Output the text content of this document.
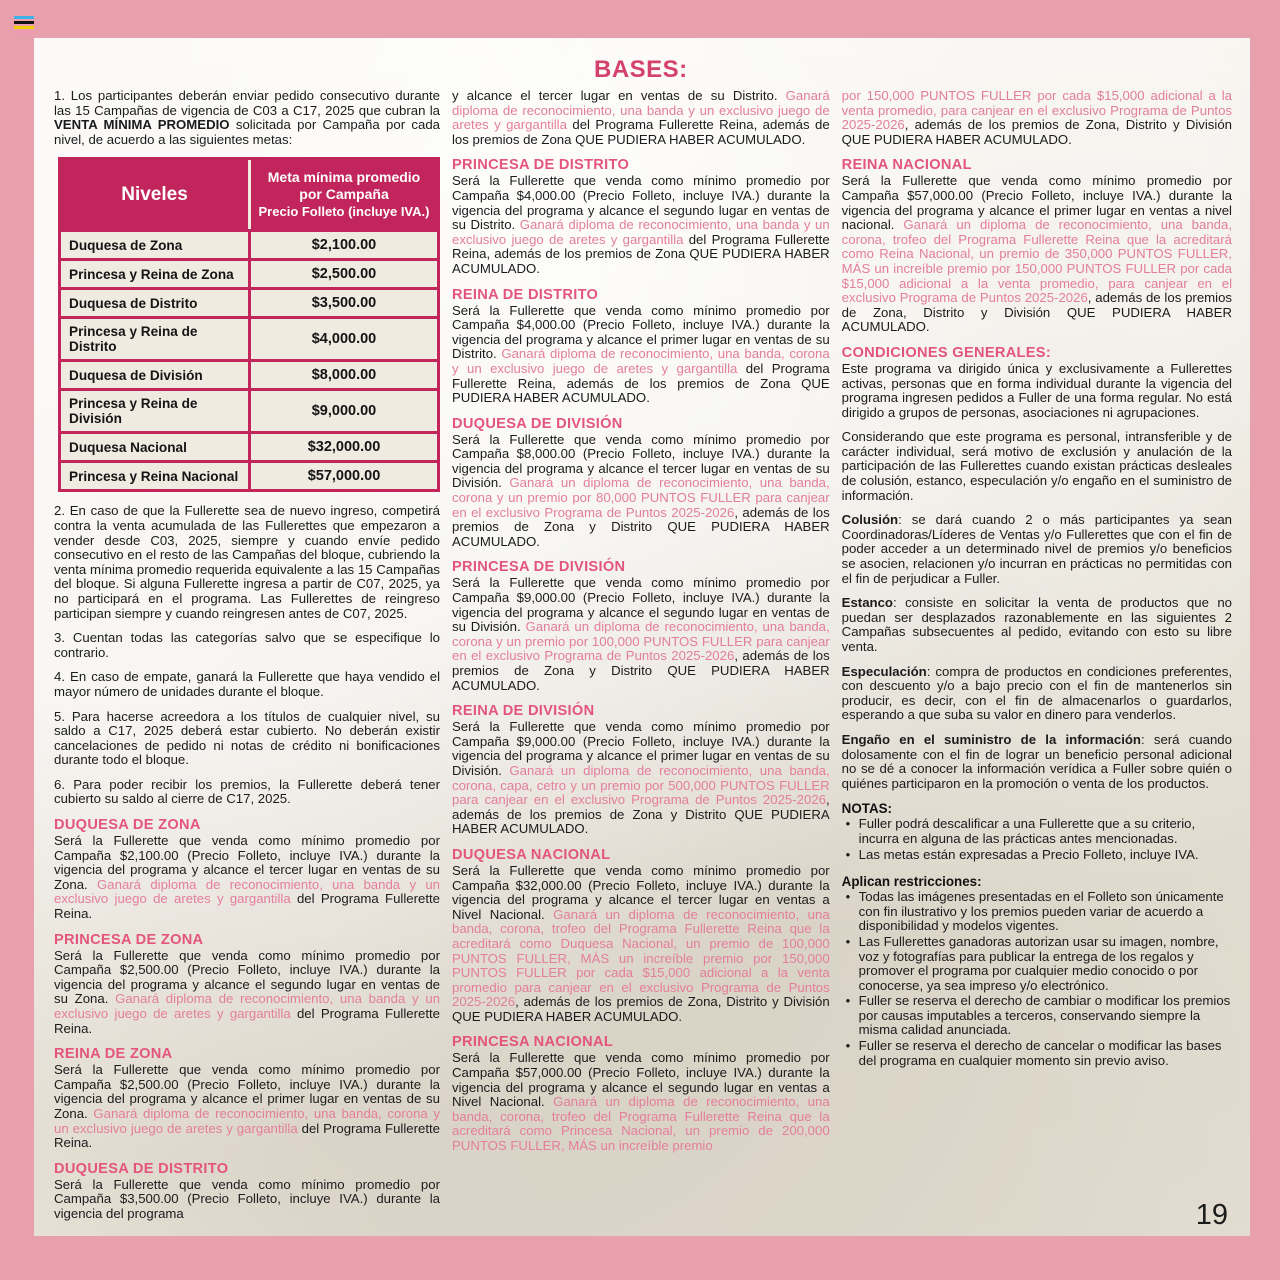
1. Los participantes deberán enviar pedido consecutivo durante las 15 Campañas de vigencia de C03 a C17, 2025 que cubran la VENTA MÍNIMA PROMEDIO solicitada por Campaña por cada nivel, de acuerdo a las siguientes metas:

Niveles	Meta mínima promedio
por Campaña
Precio Folleto (incluye IVA.)

Duquesa de Zona	$2,100.00
Princesa y Reina de Zona	$2,500.00
Duquesa de Distrito	$3,500.00
Princesa y Reina de Distrito	$4,000.00
Duquesa de División	$8,000.00
Princesa y Reina de División	$9,000.00
Duquesa Nacional	$32,000.00
Princesa y Reina Nacional	$57,000.00

2. En caso de que la Fullerette sea de nuevo ingreso, competirá contra la venta acumulada de las Fullerettes que empezaron a vender desde C03, 2025, siempre y cuando envíe pedido consecutivo en el resto de las Campañas del bloque, cubriendo la venta mínima promedio requerida equivalente a las 15 Campañas del bloque. Si alguna Fullerette ingresa a partir de C07, 2025, ya no participará en el programa. Las Fullerettes de reingreso participan siempre y cuando reingresen antes de C07, 2025.

3. Cuentan todas las categorías salvo que se especifique lo contrario.

4. En caso de empate, ganará la Fullerette que haya vendido el mayor número de unidades durante el bloque.

5. Para hacerse acreedora a los títulos de cualquier nivel, su saldo a C17, 2025 deberá estar cubierto. No deberán existir cancelaciones de pedido ni notas de crédito ni bonificaciones durante todo el bloque.

6. Para poder recibir los premios, la Fullerette deberá tener cubierto su saldo al cierre de C17, 2025.

DUQUESA DE ZONA

Será la Fullerette que venda como mínimo promedio por Campaña $2,100.00 (Precio Folleto, incluye IVA.) durante la vigencia del programa y alcance el tercer lugar en ventas de su Zona. Ganará diploma de reconocimiento, una banda y un exclusivo juego de aretes y gargantilla del Programa Fullerette Reina.

PRINCESA DE ZONA

Será la Fullerette que venda como mínimo promedio por Campaña $2,500.00 (Precio Folleto, incluye IVA.) durante la vigencia del programa y alcance el segundo lugar en ventas de su Zona. Ganará diploma de reconocimiento, una banda y un exclusivo juego de aretes y gargantilla del Programa Fullerette Reina.

REINA DE ZONA

Será la Fullerette que venda como mínimo promedio por Campaña $2,500.00 (Precio Folleto, incluye IVA.) durante la vigencia del programa y alcance el primer lugar en ventas de su Zona. Ganará diploma de reconocimiento, una banda, corona y un exclusivo juego de aretes y gargantilla del Programa Fullerette Reina.

DUQUESA DE DISTRITO

Será la Fullerette que venda como mínimo promedio por Campaña $3,500.00 (Precio Folleto, incluye IVA.) durante la vigencia del programa

BASES:

y alcance el tercer lugar en ventas de su Distrito. Ganará diploma de reconocimiento, una banda y un exclusivo juego de aretes y gargantilla del Programa Fullerette Reina, además de los premios de Zona QUE PUDIERA HABER ACUMULADO.

PRINCESA DE DISTRITO

Será la Fullerette que venda como mínimo promedio por Campaña $4,000.00 (Precio Folleto, incluye IVA.) durante la vigencia del programa y alcance el segundo lugar en ventas de su Distrito. Ganará diploma de reconocimiento, una banda y un exclusivo juego de aretes y gargantilla del Programa Fullerette Reina, además de los premios de Zona QUE PUDIERA HABER ACUMULADO.

REINA DE DISTRITO

Será la Fullerette que venda como mínimo promedio por Campaña $4,000.00 (Precio Folleto, incluye IVA.) durante la vigencia del programa y alcance el primer lugar en ventas de su Distrito. Ganará diploma de reconocimiento, una banda, corona y un exclusivo juego de aretes y gargantilla del Programa Fullerette Reina, además de los premios de Zona QUE PUDIERA HABER ACUMULADO.

DUQUESA DE DIVISIÓN

Será la Fullerette que venda como mínimo promedio por Campaña $8,000.00 (Precio Folleto, incluye IVA.) durante la vigencia del programa y alcance el tercer lugar en ventas de su División. Ganará un diploma de reconocimiento, una banda, corona y un premio por 80,000 PUNTOS FULLER para canjear en el exclusivo Programa de Puntos 2025-2026, además de los premios de Zona y Distrito QUE PUDIERA HABER ACUMULADO.

PRINCESA DE DIVISIÓN

Será la Fullerette que venda como mínimo promedio por Campaña $9,000.00 (Precio Folleto, incluye IVA.) durante la vigencia del programa y alcance el segundo lugar en ventas de su División. Ganará un diploma de reconocimiento, una banda, corona y un premio por 100,000 PUNTOS FULLER para canjear en el exclusivo Programa de Puntos 2025-2026, además de los premios de Zona y Distrito QUE PUDIERA HABER ACUMULADO.

REINA DE DIVISIÓN

Será la Fullerette que venda como mínimo promedio por Campaña $9,000.00 (Precio Folleto, incluye IVA.) durante la vigencia del programa y alcance el primer lugar en ventas de su División. Ganará un diploma de reconocimiento, una banda, corona, capa, cetro y un premio por 500,000 PUNTOS FULLER para canjear en el exclusivo Programa de Puntos 2025-2026, además de los premios de Zona y Distrito QUE PUDIERA HABER ACUMULADO.

DUQUESA NACIONAL

Será la Fullerette que venda como mínimo promedio por Campaña $32,000.00 (Precio Folleto, incluye IVA.) durante la vigencia del programa y alcance el tercer lugar en ventas a Nivel Nacional. Ganará un diploma de reconocimiento, una banda, corona, trofeo del Programa Fullerette Reina que la acreditará como Duquesa Nacional, un premio de 100,000 PUNTOS FULLER, MÁS un increíble premio por 150,000 PUNTOS FULLER por cada $15,000 adicional a la venta promedio para canjear en el exclusivo Programa de Puntos 2025-2026, además de los premios de Zona, Distrito y División QUE PUDIERA HABER ACUMULADO.

PRINCESA NACIONAL

Será la Fullerette que venda como mínimo promedio por Campaña $57,000.00 (Precio Folleto, incluye IVA.) durante la vigencia del programa y alcance el segundo lugar en ventas a Nivel Nacional. Ganará un diploma de reconocimiento, una banda, corona, trofeo del Programa Fullerette Reina que la acreditará como Princesa Nacional, un premio de 200,000 PUNTOS FULLER, MÁS un increíble premio

por 150,000 PUNTOS FULLER por cada $15,000 adicional a la venta promedio, para canjear en el exclusivo Programa de Puntos 2025-2026, además de los premios de Zona, Distrito y División QUE PUDIERA HABER ACUMULADO.

REINA NACIONAL

Será la Fullerette que venda como mínimo promedio por Campaña $57,000.00 (Precio Folleto, incluye IVA.) durante la vigencia del programa y alcance el primer lugar en ventas a nivel nacional. Ganará un diploma de reconocimiento, una banda, corona, trofeo del Programa Fullerette Reina que la acreditará como Reina Nacional, un premio de 350,000 PUNTOS FULLER, MÁS un increíble premio por 150,000 PUNTOS FULLER por cada $15,000 adicional a la venta promedio, para canjear en el exclusivo Programa de Puntos 2025-2026, además de los premios de Zona, Distrito y División QUE PUDIERA HABER ACUMULADO.

CONDICIONES GENERALES:

Este programa va dirigido única y exclusivamente a Fullerettes activas, personas que en forma individual durante la vigencia del programa ingresen pedidos a Fuller de una forma regular. No está dirigido a grupos de personas, asociaciones ni agrupaciones.

Considerando que este programa es personal, intransferible y de carácter individual, será motivo de exclusión y anulación de la participación de las Fullerettes cuando existan prácticas desleales de colusión, estanco, especulación y/o engaño en el suministro de información.

Colusión: se dará cuando 2 o más participantes ya sean Coordinadoras/Líderes de Ventas y/o Fullerettes que con el fin de poder acceder a un determinado nivel de premios y/o beneficios se asocien, relacionen y/o incurran en prácticas no permitidas con el fin de perjudicar a Fuller.

Estanco: consiste en solicitar la venta de productos que no puedan ser desplazados razonablemente en las siguientes 2 Campañas subsecuentes al pedido, evitando con esto su libre venta.

Especulación: compra de productos en condiciones preferentes, con descuento y/o a bajo precio con el fin de mantenerlos sin producir, es decir, con el fin de almacenarlos o guardarlos, esperando a que suba su valor en dinero para venderlos.

Engaño en el suministro de la información: será cuando dolosamente con el fin de lograr un beneficio personal adicional no se dé a conocer la información verídica a Fuller sobre quién o quiénes participaron en la promoción o venta de los productos.

NOTAS:
• Fuller podrá descalificar a una Fullerette que a su criterio, incurra en alguna de las prácticas antes mencionadas.
• Las metas están expresadas a Precio Folleto, incluye IVA.
Aplican restricciones:
• Todas las imágenes presentadas en el Folleto son únicamente con fin ilustrativo y los premios pueden variar de acuerdo a disponibilidad y modelos vigentes.
• Las Fullerettes ganadoras autorizan usar su imagen, nombre, voz y fotografías para publicar la entrega de los regalos y promover el programa por cualquier medio conocido o por conocerse, ya sea impreso y/o electrónico.
• Fuller se reserva el derecho de cambiar o modificar los premios por causas imputables a terceros, conservando siempre la misma calidad anunciada.
• Fuller se reserva el derecho de cancelar o modificar las bases del programa en cualquier momento sin previo aviso.
19
